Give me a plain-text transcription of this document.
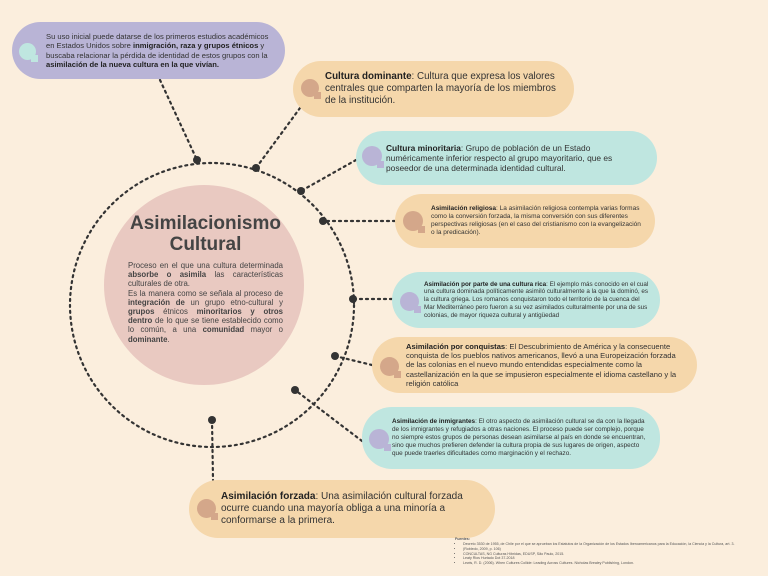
Asimilacionismo
Cultural

Proceso en el que una cultura determinada absorbe o asimila las características culturales de otra.

Es la manera como se señala al proceso de integración de un grupo etno-cultural y grupos étnicos minoritarios y otros dentro de lo que se tiene establecido como lo común, a una comunidad mayor o dominante.

Su uso inicial puede datarse de los primeros estudios académicos en Estados Unidos sobre inmigración, raza y grupos étnicos y buscaba relacionar la pérdida de identidad de estos grupos con la asimilación de la nueva cultura en la que vivían.
Cultura dominante: Cultura que expresa los valores centrales que comparten la mayoría de los miembros de la institución.
Cultura minoritaria: Grupo de población de un Estado numéricamente inferior respecto al grupo mayoritario, que es poseedor de una determinada identidad cultural.
Asimilación religiosa: La asimilación religiosa contempla varias formas como la conversión forzada, la misma conversión con sus diferentes perspectivas religiosas (en el caso del cristianismo con la evangelización o la predicación).
Asimilación por parte de una cultura rica: El ejemplo más conocido en el cual una cultura dominada políticamente asimiló culturalmente a la que la dominó, es la cultura griega. Los romanos conquistaron todo el territorio de la cuenca del Mar Mediterráneo pero fueron a su vez asimilados culturalmente por una de sus colonias, de mayor riqueza cultural y antigüedad
Asimilación por conquistas: El Descubrimiento de América y la consecuente conquista de los pueblos nativos americanos, llevó a una Europeización forzada de las colonias en el nuevo mundo entendidas especialmente como la castellanización en la que se impusieron especialmente el idioma castellano y la religión católica
Asimilación de inmigrantes: El otro aspecto de asimilación cultural se da con la llegada de los inmigrantes y refugiados a otras naciones. El proceso puede ser complejo, porque no siempre estos grupos de personas desean asimilarse al país en donde se encuentran, sino que muchos prefieren defender la cultura propia de sus lugares de origen, aspecto que puede traerles dificultades como marginación y el rechazo.
Asimilación forzada: Una asimilación cultural forzada ocurre cuando una mayoría obliga a una minoría a conformarse a la primera.
Fuentes:
• Decreto 3530 de 1955, de Chile por el que se aprueban los Estatutos de la Organización de los Estados Iberoamericanos para la Educación, la Ciencia y la Cultura, art. 3.
• (Robledo, 2009, p. 106)
• CONCULTAS, NG Culturas Híbridas, EDUSP, São Paulo, 2015.
• Leaty Rios Hurtado Dot 37-2018
• Lewis, R. D. (2006). When Cultures Collide: Leading Across Cultures. Nicholas Brealey Publishing, London.
